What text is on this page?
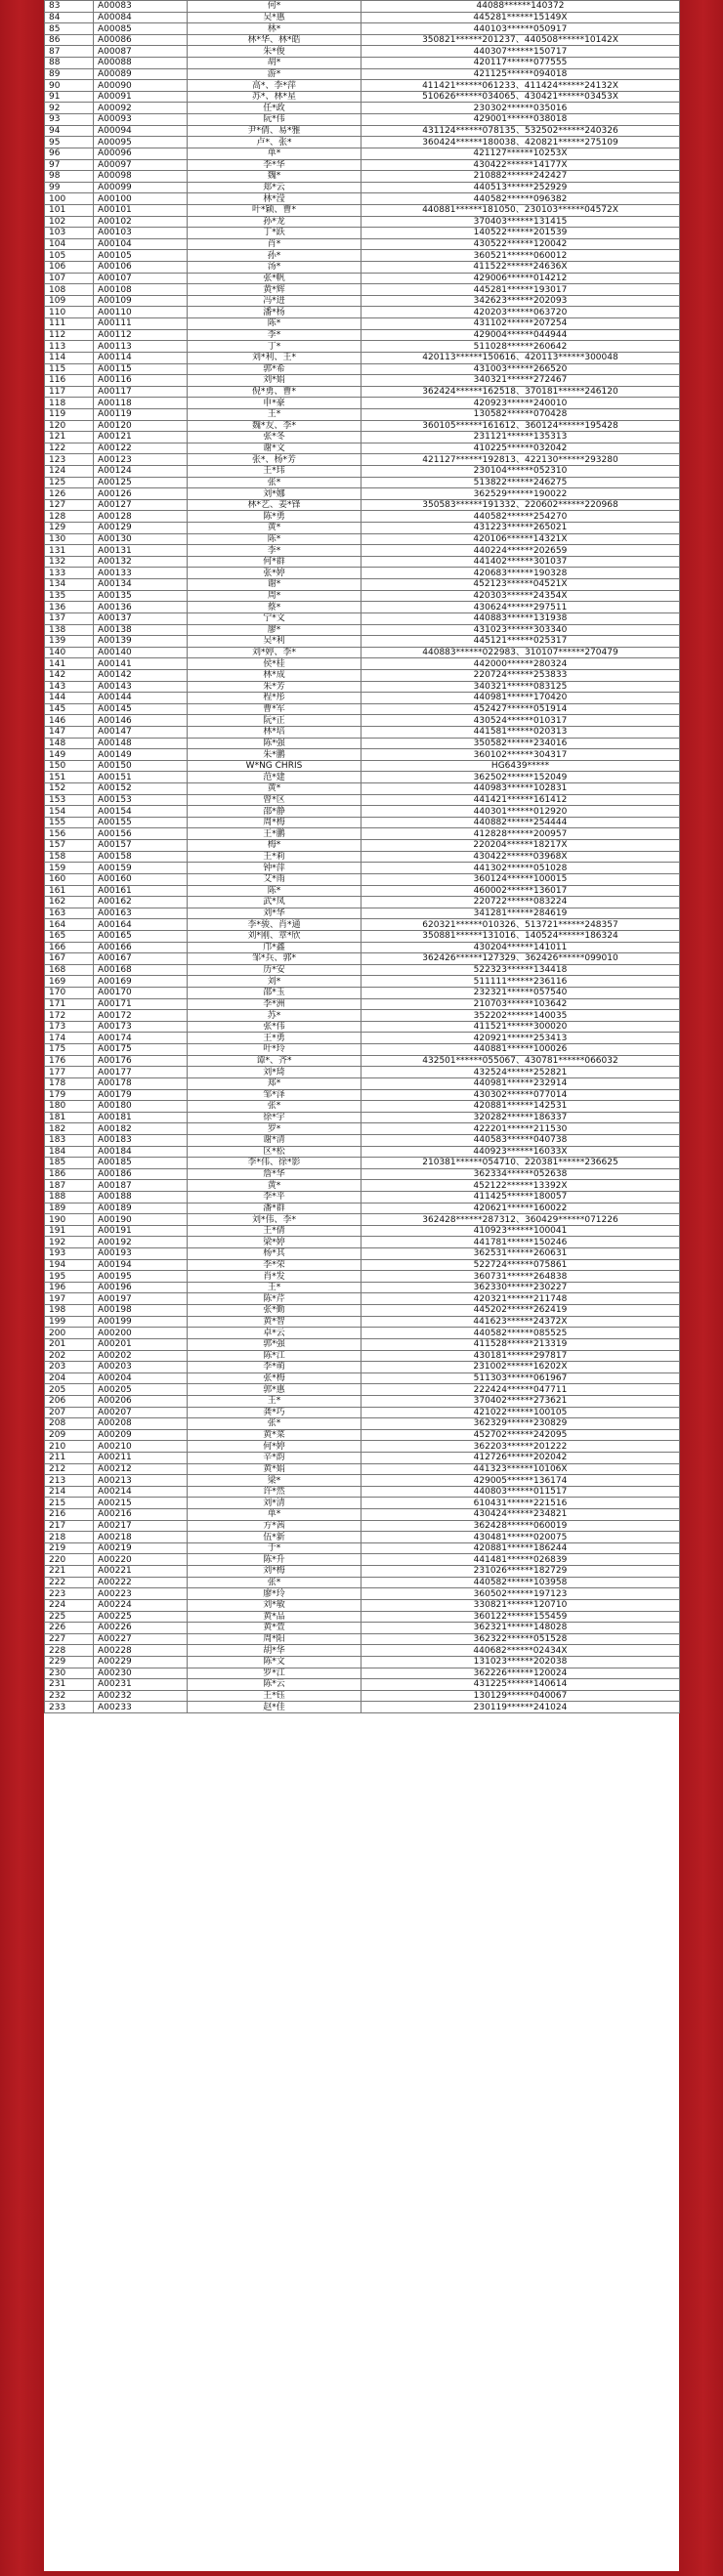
83	A00083	何*	44088******140372
84	A00084	吴*惠	445281******15149X
85	A00085	林*	440103******050917
86	A00086	林*华、林*皓	350821******201237、440508******10142X
87	A00087	朱*俊	440307******150717
88	A00088	胡*	420117******077555
89	A00089	游*	421125******094018
90	A00090	高*、李*萍	411421******061233、411424******24132X
91	A00091	苏*、林*星	510626******034065、430421******03453X
92	A00092	任*政	230302******035016
93	A00093	阮*伟	429001******038018
94	A00094	尹*倩、易*雅	431124******078135、532502******240326
95	A00095	卢*、张*	360424******180038、420821******275109
96	A00096	单*	421127******10253X
97	A00097	李*华	430422******14177X
98	A00098	魏*	210882******242427
99	A00099	郑*云	440513******252929
100	A00100	林*滢	440582******096382
101	A00101	叶*颖、曹*	440881******181050、230103******04572X
102	A00102	孙*龙	370403******131415
103	A00103	丁*跃	140522******201539
104	A00104	肖*	430522******120042
105	A00105	孙*	360521******060012
106	A00106	汤*	411522******24636X
107	A00107	张*帆	429006******014212
108	A00108	黄*辉	445281******193017
109	A00109	冯*进	342623******202093
110	A00110	潘*杨	420203******063720
111	A00111	陈*	431102******207254
112	A00112	李*	429004******044944
113	A00113	丁*	511028******260642
114	A00114	刘*利、王*	420113******150616、420113******300048
115	A00115	郭*希	431003******266520
116	A00116	刘*娟	340321******272467
117	A00117	倪*勇、曹*	362424******162518、370181******246120
118	A00118	申*豪	420923******240010
119	A00119	王*	130582******070428
120	A00120	魏*友、李*	360105******161612、360124******195428
121	A00121	张*冬	231121******135313
122	A00122	谢*文	410225******032042
123	A00123	张*、杨*芳	421127******192813、422130******293280
124	A00124	王*玮	230104******052310
125	A00125	张*	513822******246275
126	A00126	刘*娜	362529******190022
127	A00127	林*艺、姜*锋	350583******191332、220602******220968
128	A00128	陈*勇	440582******254270
129	A00129	黄*	431223******265021
130	A00130	陈*	420106******14321X
131	A00131	李*	440224******202659
132	A00132	何*群	441402******301037
133	A00133	张*婷	420683******190328
134	A00134	谢*	452123******04521X
135	A00135	周*	420303******24354X
136	A00136	蔡*	430624******297511
137	A00137	宁*文	440883******131938
138	A00138	廖*	431023******303340
139	A00139	吴*利	445121******025317
140	A00140	刘*婷、李*	440883******022983、310107******270479
141	A00141	侯*桂	442000******280324
142	A00142	林*成	220724******253833
143	A00143	朱*芳	340321******083125
144	A00144	程*彤	440981******170420
145	A00145	曹*军	452427******051914
146	A00146	阮*正	430524******010317
147	A00147	林*培	441581******020313
148	A00148	陈*强	350582******234016
149	A00149	朱*鹏	360102******304317
150	A00150	W*NG CHRIS	HG6439*****
151	A00151	范*建	362502******152049
152	A00152	黄*	440983******102831
153	A00153	曾*区	441421******161412
154	A00154	邵*静	440301******012920
155	A00155	周*梅	440882******254444
156	A00156	王*鹏	412828******200957
157	A00157	梅*	220204******18217X
158	A00158	王*莉	430422******03968X
159	A00159	钟*萍	441302******051028
160	A00160	艾*雨	360124******100015
161	A00161	陈*	460002******136017
162	A00162	武*凤	220722******083224
163	A00163	刘*华	341281******284619
164	A00164	李*骏、肖*通	620321******010326、513721******248357
165	A00165	刘*刚、章*欣	350881******131016、140524******186324
166	A00166	邝*鑫	430204******141011
167	A00167	邹*兵、郭*	362426******127329、362426******099010
168	A00168	历*安	522323******134418
169	A00169	刘*	511111******236116
170	A00170	邵*玉	232321******057540
171	A00171	李*洲	210703******103642
172	A00172	苏*	352202******140035
173	A00173	张*伟	411521******300020
174	A00174	王*勇	420921******253413
175	A00175	叶*玲	440881******100026
176	A00176	谭*、齐*	432501******055067、430781******066032
177	A00177	刘*琦	432524******252821
178	A00178	郑*	440981******232914
179	A00179	邹*泽	430302******077014
180	A00180	张*	420881******142531
181	A00181	徐*宇	320282******186337
182	A00182	罗*	422201******211530
183	A00183	谢*清	440583******040738
184	A00184	区*松	440923******16033X
185	A00185	李*伟、徐*影	210381******054710、220381******236625
186	A00186	詹*华	362334******052638
187	A00187	黄*	452122******13392X
188	A00188	李*平	411425******180057
189	A00189	潘*群	420621******160022
190	A00190	刘*伟、李*	362428******287312、360429******071226
191	A00191	王*倩	410923******100041
192	A00192	梁*婷	441781******150246
193	A00193	杨*其	362531******260631
194	A00194	李*荣	522724******075861
195	A00195	肖*发	360731******264838
196	A00196	王*	362330******230227
197	A00197	陈*芹	420321******211748
198	A00198	张*勤	445202******262419
199	A00199	黄*智	441623******24372X
200	A00200	卓*云	440582******085525
201	A00201	郭*强	411528******213319
202	A00202	陈*江	430181******297817
203	A00203	李*萌	231002******16202X
204	A00204	张*梅	511303******061967
205	A00205	郭*惠	222424******047711
206	A00206	王*	370402******273621
207	A00207	龚*巧	421022******100105
208	A00208	张*	362329******230829
209	A00209	黄*菜	452702******242095
210	A00210	何*婷	362203******201222
211	A00211	辛*韵	412726******202042
212	A00212	黄*娟	441323******10106X
213	A00213	梁*	429005******136174
214	A00214	许*然	440803******011517
215	A00215	刘*清	610431******221516
216	A00216	单*	430424******234821
217	A00217	方*茜	362428******060019
218	A00218	伍*新	430481******020075
219	A00219	于*	420881******186244
220	A00220	陈*升	441481******026839
221	A00221	刘*梅	231026******182729
222	A00222	张*	440582******103958
223	A00223	廖*玲	360502******197123
224	A00224	刘*敏	330821******120710
225	A00225	黄*品	360122******155459
226	A00226	黄*萱	362321******148028
227	A00227	周*阳	362322******051528
228	A00228	胡*华	440682******02434X
229	A00229	陈*文	131023******202038
230	A00230	罗*江	362226******120024
231	A00231	陈*云	431225******140614
232	A00232	王*钰	130129******040067
233	A00233	赵*佳	230119******241024
